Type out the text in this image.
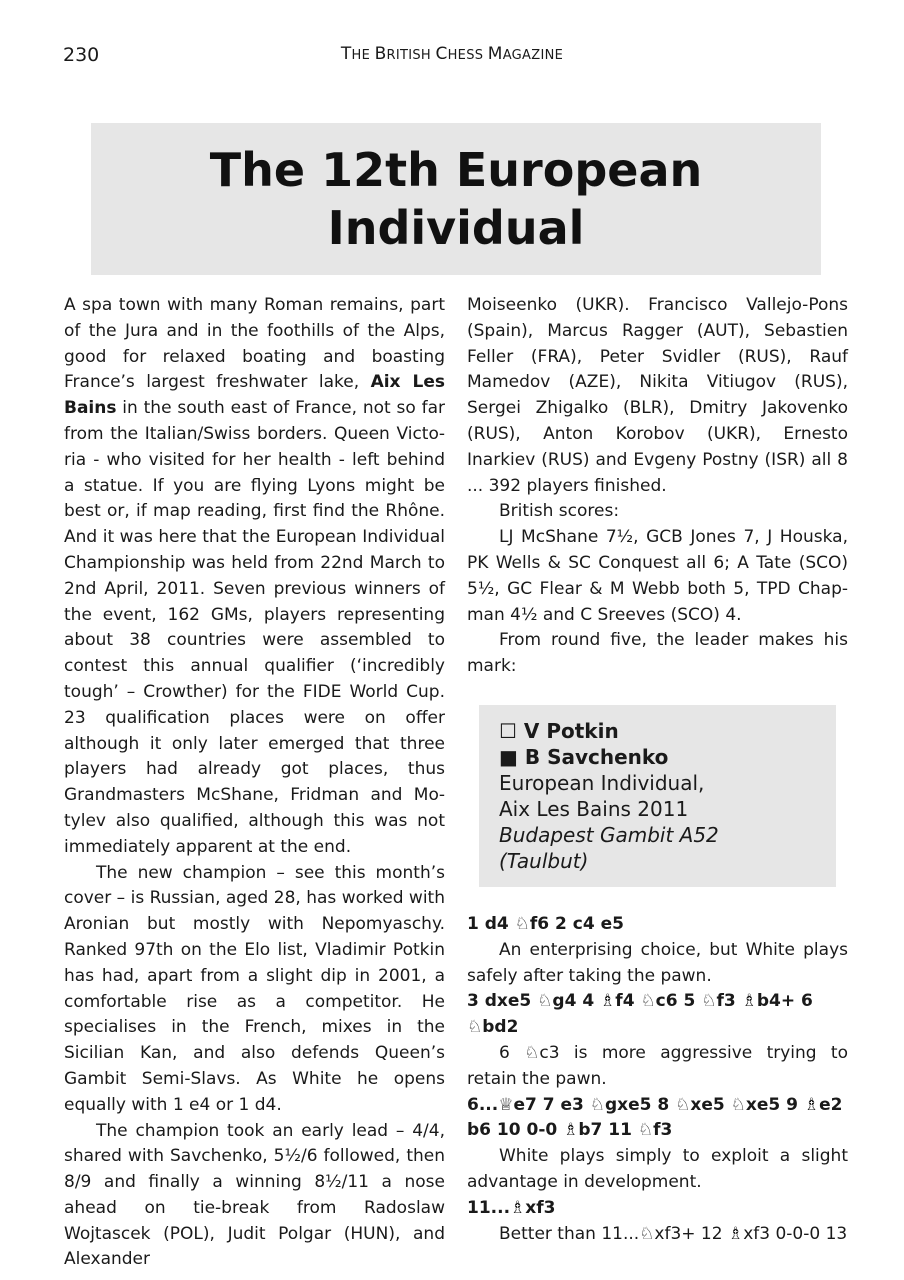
230	THE BRITISH CHESS MAGAZINE
The 12th European
Individual

A spa town with many Roman remains, part of the Jura and in the foothills of the Alps, good for relaxed boating and boasting France’s largest freshwater lake, Aix Les Bains in the south east of France, not so far from the Italian/Swiss borders. Queen Victoria - who visited for her health - left behind a statue. If you are flying Lyons might be best or, if map reading, first find the Rhône. And it was here that the European Individual Championship was held from 22nd March to 2nd April, 2011. Seven previous winners of the event, 162 GMs, players representing about 38 countries were assembled to contest this annual qualifier (‘incredibly tough’ – Crowther) for the FIDE World Cup. 23 qualification places were on offer although it only later emerged that three players had already got places, thus Grandmasters McShane, Fridman and Motylev also qualified, although this was not immediately apparent at the end.

The new champion – see this month’s cover – is Russian, aged 28, has worked with Aronian but mostly with Nepomyaschy. Ranked 97th on the Elo list, Vladimir Potkin has had, apart from a slight dip in 2001, a comfortable rise as a competitor. He specialises in the French, mixes in the Sicilian Kan, and also defends Queen’s Gambit Semi-Slavs. As White he opens equally with 1 e4 or 1 d4.

The champion took an early lead – 4/4, shared with Savchenko, 5½/6 followed, then 8/9 and finally a winning 8½/11 a nose ahead on tie-break from Radoslaw Wojtascek (POL), Judit Polgar (HUN), and Alexander

Moiseenko (UKR). Francisco Vallejo-Pons (Spain), Marcus Ragger (AUT), Sebastien Feller (FRA), Peter Svidler (RUS), Rauf Mamedov (AZE), Nikita Vitiugov (RUS), Sergei Zhigalko (BLR), Dmitry Jakovenko (RUS), Anton Korobov (UKR), Ernesto Inarkiev (RUS) and Evgeny Postny (ISR) all 8 ... 392 players finished.

British scores:

LJ McShane 7½, GCB Jones 7, J Houska, PK Wells & SC Conquest all 6; A Tate (SCO) 5½, GC Flear & M Webb both 5, TPD Chapman 4½ and C Sreeves (SCO) 4.

From round five, the leader makes his mark:

☐ V Potkin
■ B Savchenko
European Individual,
Aix Les Bains 2011
Budapest Gambit A52
(Taulbut)

1 d4 ♘f6 2 c4 e5

An enterprising choice, but White plays safely after taking the pawn.

3 dxe5 ♘g4 4 ♗f4 ♘c6 5 ♘f3 ♗b4+ 6 ♘bd2

6 ♘c3 is more aggressive trying to retain the pawn.

6...♕e7 7 e3 ♘gxe5 8 ♘xe5 ♘xe5 9 ♗e2 b6 10 0-0 ♗b7 11 ♘f3

White plays simply to exploit a slight advantage in development.

11...♗xf3

Better than 11...♘xf3+ 12 ♗xf3 0-0-0 13
